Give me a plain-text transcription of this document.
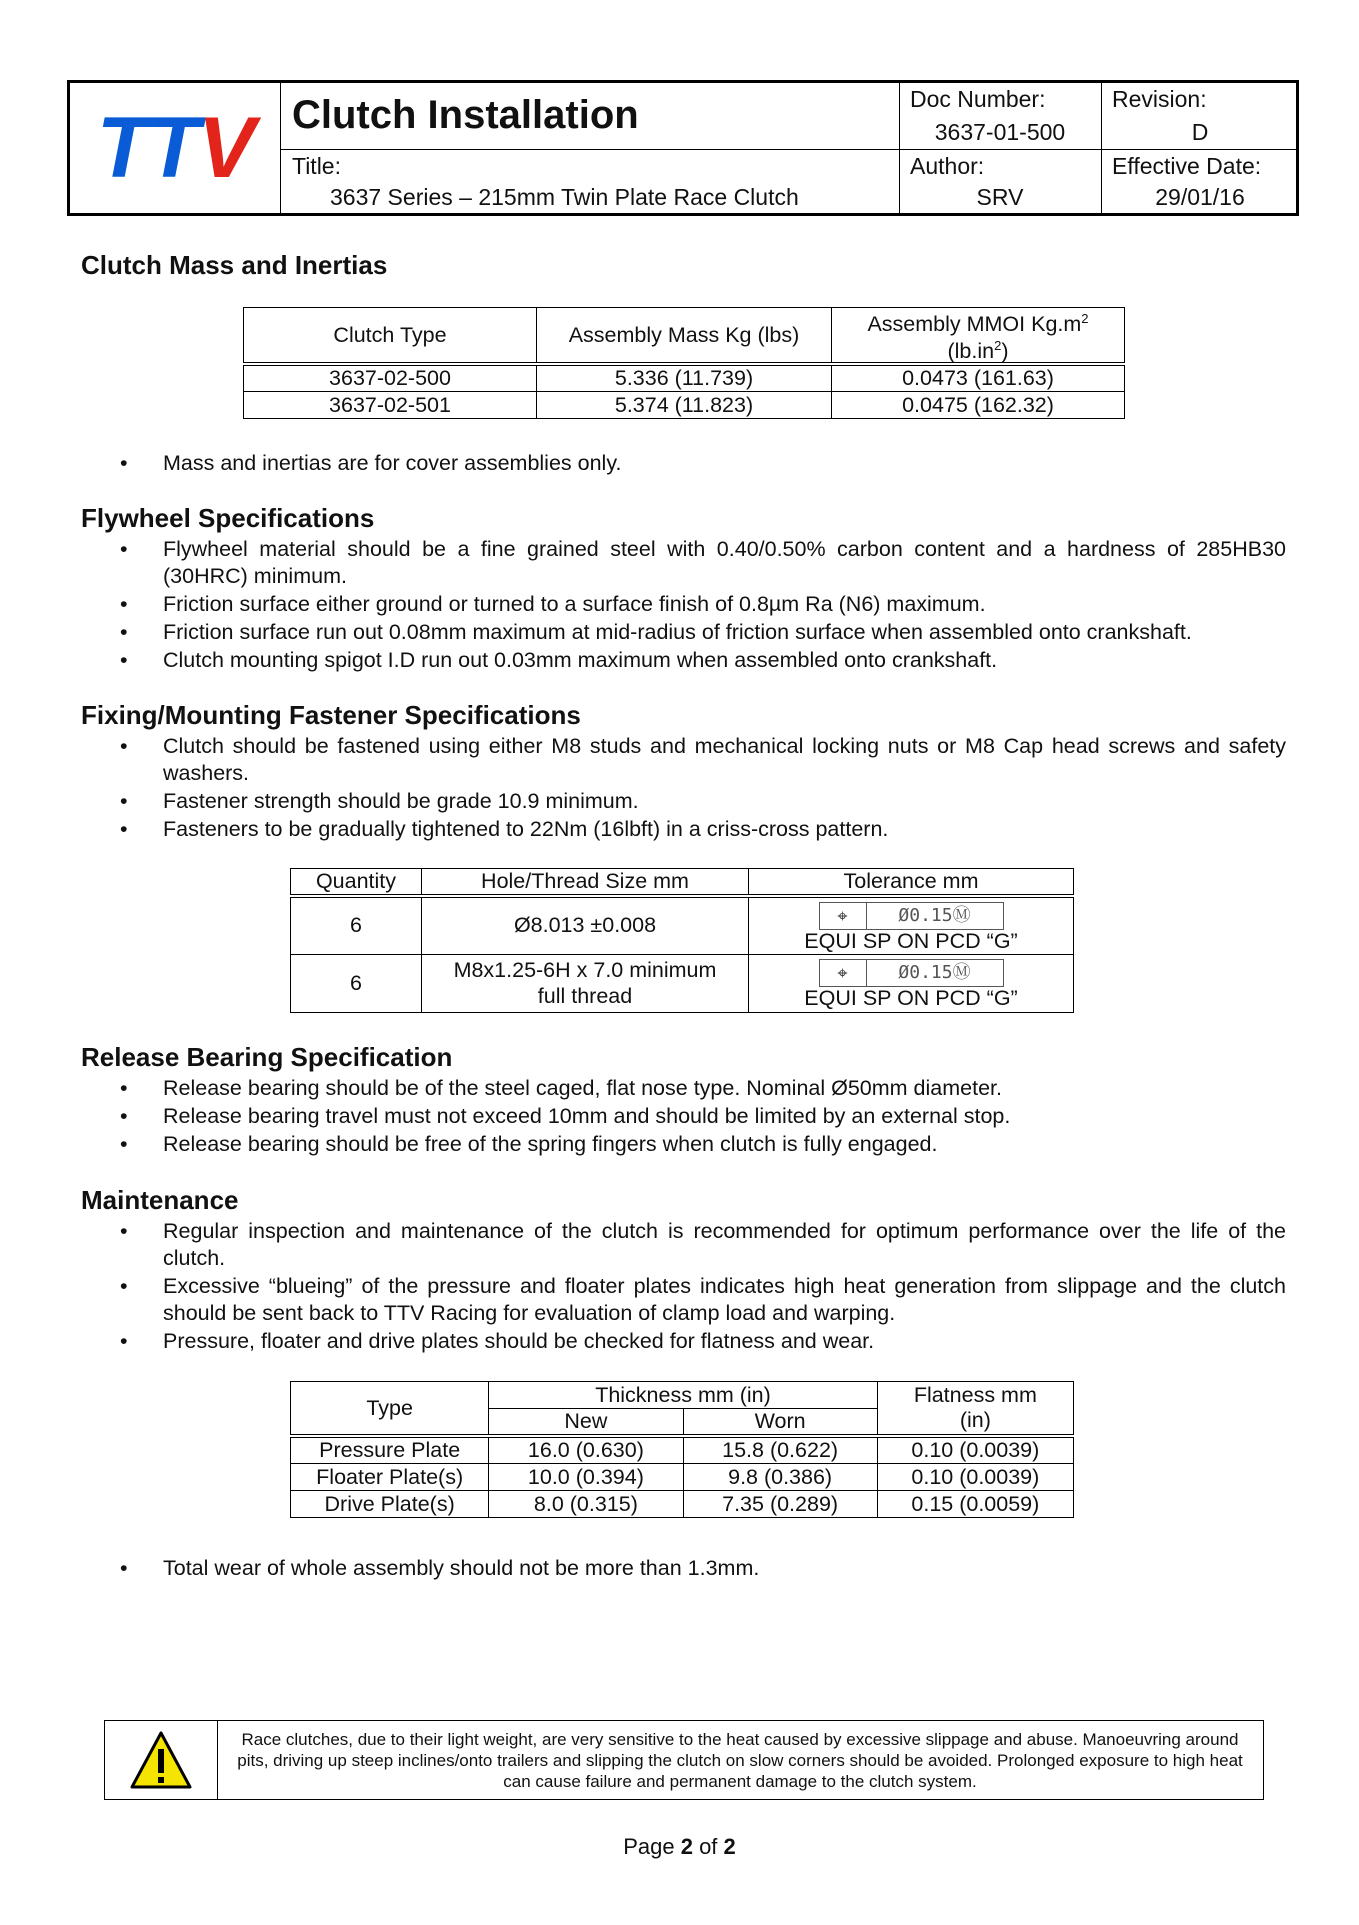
TTV Clutch Installation
Title:
3637 Series – 215mm Twin Plate Race Clutch
Doc Number:
3637-01-500
Author:
SRV
Revision:
D
Effective Date:
29/01/16
Clutch Mass and Inertias
Clutch Type	Assembly Mass Kg (lbs)	Assembly MMOI $Kg.m^2$
$(lb.in^2)$
3637-02-500	5.336 (11.739)	0.0473 (161.63)
3637-02-501	5.374 (11.823)	0.0475 (162.32)
• Mass and inertias are for cover assemblies only.
Flywheel Specifications
• Flywheel material should be a fine grained steel with 0.40/0.50% carbon content and a hardness of 285HB30 (30HRC) minimum.
• Friction surface either ground or turned to a surface finish of 0.8µm Ra (N6) maximum.
• Friction surface run out 0.08mm maximum at mid-radius of friction surface when assembled onto crankshaft.
• Clutch mounting spigot I.D run out 0.03mm maximum when assembled onto crankshaft.
Fixing/Mounting Fastener Specifications
• Clutch should be fastened using either M8 studs and mechanical locking nuts or M8 Cap head screws and safety washers.
• Fastener strength should be grade 10.9 minimum.
• Fasteners to be gradually tightened to 22Nm (16lbft) in a criss-cross pattern.
Quantity	Hole/Thread Size mm	Tolerance mm
6	Ø8.013 ±0.008	⌖ Ø0.15Ⓜ

EQUI SP ON PCD “G”
6	M8x1.25-6H x 7.0 minimum
full thread	⌖ Ø0.15Ⓜ

EQUI SP ON PCD “G”
Release Bearing Specification
• Release bearing should be of the steel caged, flat nose type. Nominal Ø50mm diameter.
• Release bearing travel must not exceed 10mm and should be limited by an external stop.
• Release bearing should be free of the spring fingers when clutch is fully engaged.
Maintenance
• Regular inspection and maintenance of the clutch is recommended for optimum performance over the life of the clutch.
• Excessive “blueing” of the pressure and floater plates indicates high heat generation from slippage and the clutch should be sent back to TTV Racing for evaluation of clamp load and warping.
• Pressure, floater and drive plates should be checked for flatness and wear.
Type	Thickness mm (in)		Flatness mm
(in)
	New	Worn	
Pressure Plate	16.0 (0.630)	15.8 (0.622)	0.10 (0.0039)
Floater Plate(s)	10.0 (0.394)	9.8 (0.386)	0.10 (0.0039)
Drive Plate(s)	8.0 (0.315)	7.35 (0.289)	0.15 (0.0059)
• Total wear of whole assembly should not be more than 1.3mm.
Race clutches, due to their light weight, are very sensitive to the heat caused by excessive slippage and abuse. Manoeuvring around pits, driving up steep inclines/onto trailers and slipping the clutch on slow corners should be avoided. Prolonged exposure to high heat can cause failure and permanent damage to the clutch system.
Page 2 of 2
